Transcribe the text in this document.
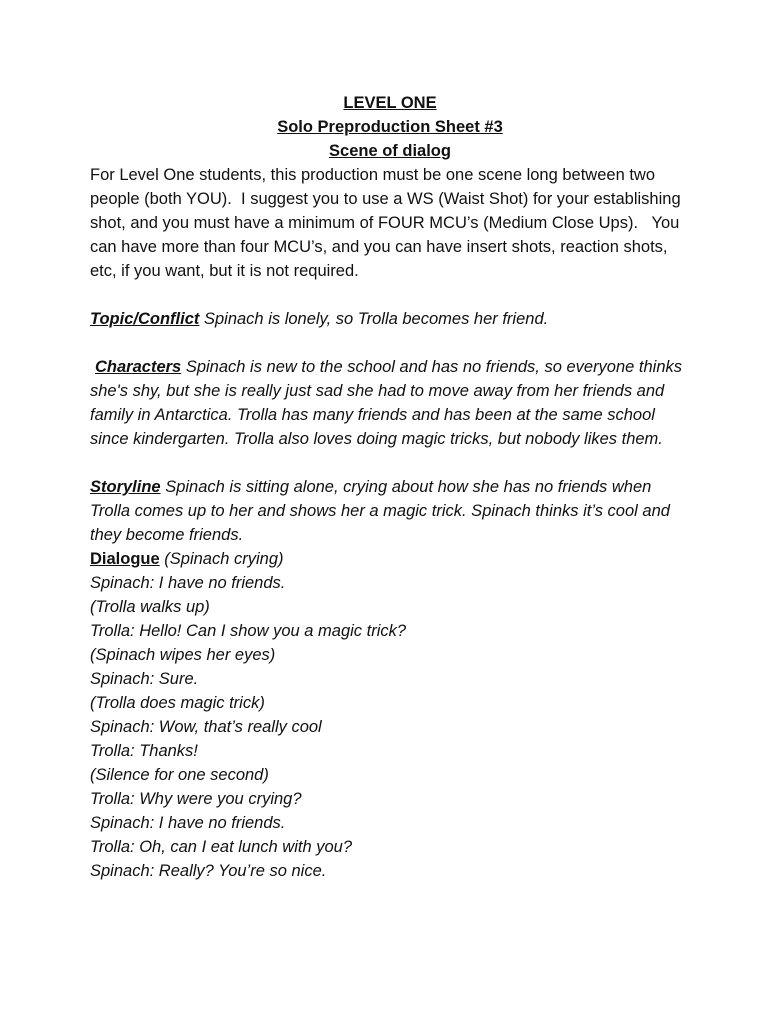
LEVEL ONE

Solo Preproduction Sheet #3

Scene of dialog

For Level One students, this production must be one scene long between two people (both YOU).  I suggest you to use a WS (Waist Shot) for your establishing shot, and you must have a minimum of FOUR MCU’s (Medium Close Ups).   You can have more than four MCU’s, and you can have insert shots, reaction shots, etc, if you want, but it is not required.

Topic/Conflict Spinach is lonely, so Trolla becomes her friend.

Characters Spinach is new to the school and has no friends, so everyone thinks she's shy, but she is really just sad she had to move away from her friends and family in Antarctica. Trolla has many friends and has been at the same school since kindergarten. Trolla also loves doing magic tricks, but nobody likes them.

Storyline Spinach is sitting alone, crying about how she has no friends when Trolla comes up to her and shows her a magic trick. Spinach thinks it’s cool and they become friends.

Dialogue (Spinach crying)

Spinach: I have no friends.

(Trolla walks up)

Trolla: Hello! Can I show you a magic trick?

(Spinach wipes her eyes)

Spinach: Sure.

(Trolla does magic trick)

Spinach: Wow, that’s really cool

Trolla: Thanks!

(Silence for one second)

Trolla: Why were you crying?

Spinach: I have no friends.

Trolla: Oh, can I eat lunch with you?

Spinach: Really? You’re so nice.
